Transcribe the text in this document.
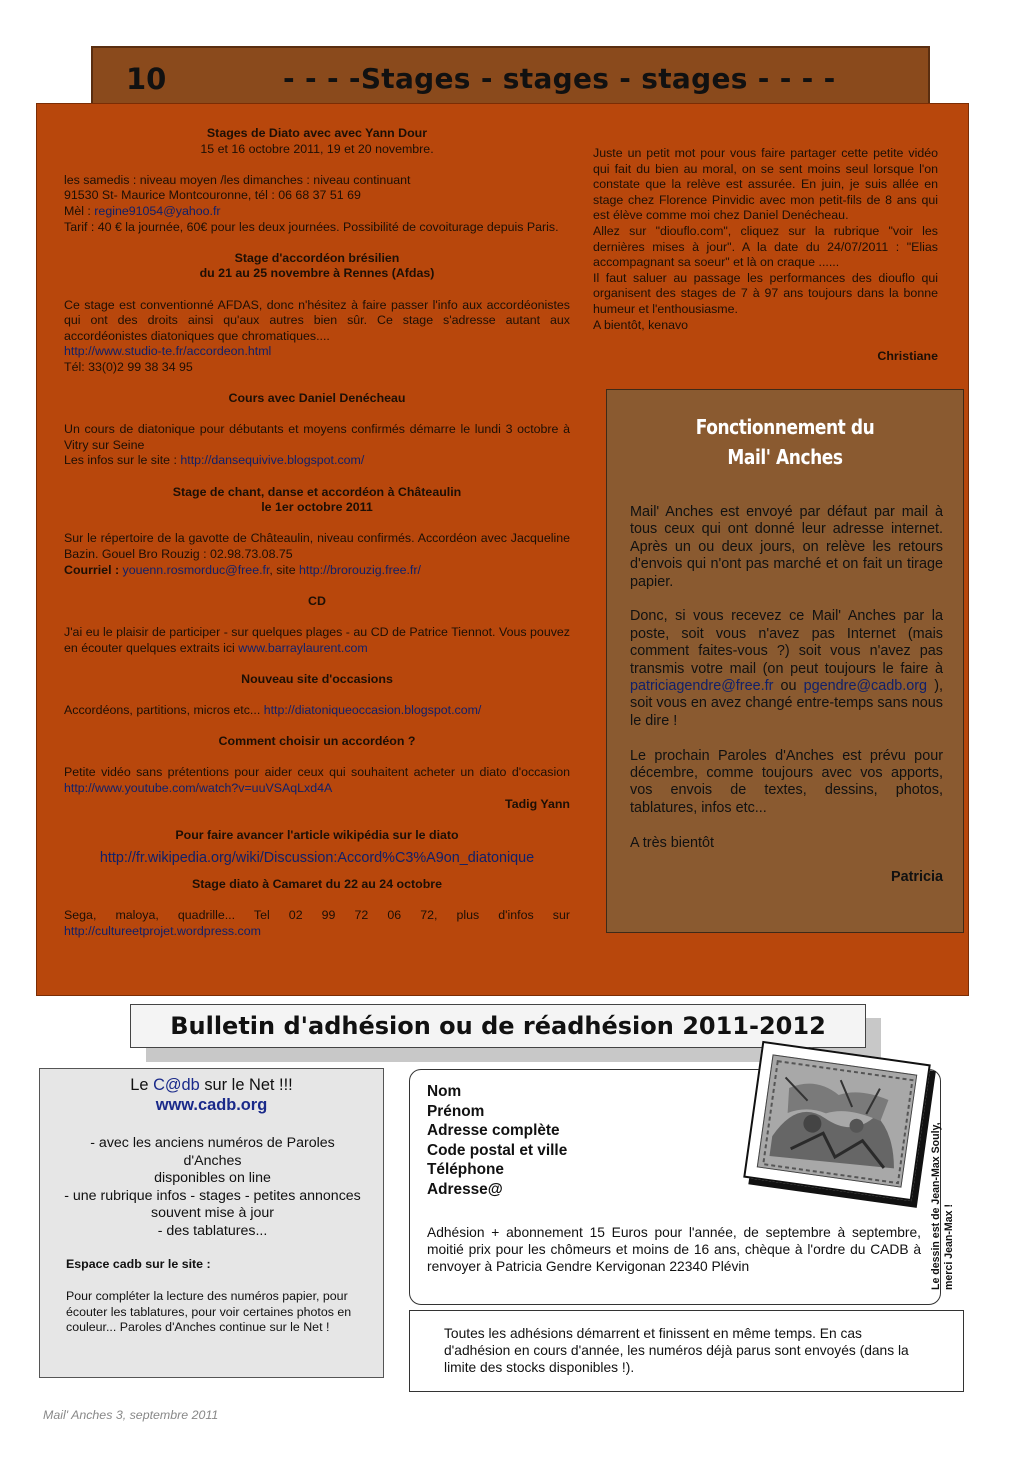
10	- - - -Stages - stages - stages - - - -
Stages de Diato avec avec Yann Dour
15 et 16 octobre 2011, 19 et 20 novembre.
les samedis : niveau moyen /les dimanches : niveau continuant
91530 St- Maurice Montcouronne, tél : 06 68 37 51 69
Mèl : regine91054@yahoo.fr
Tarif : 40 € la journée, 60€ pour les deux journées. Possibilité de covoiturage depuis Paris.
Stage d'accordéon brésilien
du 21 au 25 novembre à Rennes (Afdas)
Ce stage est conventionné AFDAS, donc n'hésitez à faire passer l'info aux accordéonistes qui ont des droits ainsi qu'aux autres bien sûr. Ce stage s'adresse autant aux accordéonistes diatoniques que chromatiques....
http://www.studio-te.fr/accordeon.html
Tél: 33(0)2 99 38 34 95
Cours avec Daniel Denécheau
Un cours de diatonique pour débutants et moyens confirmés démarre le lundi 3 octobre à Vitry sur Seine
Les infos sur le site : http://dansequivive.blogspot.com/
Stage de chant, danse et accordéon à Châteaulin
le 1er octobre 2011
Sur le répertoire de la gavotte de Châteaulin, niveau confirmés. Accordéon avec Jacqueline Bazin. Gouel Bro Rouzig : 02.98.73.08.75
Courriel : youenn.rosmorduc@free.fr, site http://brorouzig.free.fr/
CD
J'ai eu le plaisir de participer - sur quelques plages - au CD de Patrice Tiennot. Vous pouvez en écouter quelques extraits ici www.barraylaurent.com
Nouveau site d'occasions
Accordéons, partitions, micros etc... http://diatoniqueoccasion.blogspot.com/
Comment choisir un accordéon ?
Petite vidéo sans prétentions pour aider ceux qui souhaitent acheter un diato d'occasion http://www.youtube.com/watch?v=uuVSAqLxd4A
Tadig Yann
Pour faire avancer l'article wikipédia sur le diato
http://fr.wikipedia.org/wiki/Discussion:Accord%C3%A9on_diatonique
Stage diato à Camaret du 22 au 24 octobre
Sega, maloya, quadrille... Tel 02 99 72 06 72, plus d'infos sur
http://cultureetprojet.wordpress.com
Juste un petit mot pour vous faire partager cette petite vidéo qui fait du bien au moral, on se sent moins seul lorsque l'on constate que la relève est assurée. En juin, je suis allée en stage chez Florence Pinvidic avec mon petit-fils de 8 ans qui est élève comme moi chez Daniel Denécheau.
Allez sur "diouflo.com", cliquez sur la rubrique "voir les dernières mises à jour". A la date du 24/07/2011 : "Elias accompagnant sa soeur" et là on craque ......
Il faut saluer au passage les performances des diouflo qui organisent des stages de 7 à 97 ans toujours dans la bonne humeur et l'enthousiasme.
A bientôt, kenavo
Christiane
Fonctionnement du
Mail' Anches
Mail' Anches est envoyé par défaut par mail à tous ceux qui ont donné leur adresse internet. Après un ou deux jours, on relève les retours d'envois qui n'ont pas marché et on fait un tirage papier.
Donc, si vous recevez ce Mail' Anches par la poste, soit vous n'avez pas Internet (mais comment faites-vous ?) soit vous n'avez pas transmis votre mail (on peut toujours le faire à patriciagendre@free.fr ou pgendre@cadb.org ), soit vous en avez changé entre-temps sans nous le dire !
Le prochain Paroles d'Anches est prévu pour décembre, comme toujours avec vos apports, vos envois de textes, dessins, photos, tablatures, infos etc...
A très bientôt
Patricia
Bulletin d'adhésion ou de réadhésion 2011-2012
Le C@db sur le Net !!!
www.cadb.org
- avec les anciens numéros de Paroles d'Anches
disponibles on line
- une rubrique infos - stages - petites annonces souvent mise à jour
- des tablatures...
Espace cadb sur le site :
Pour compléter la lecture des numéros papier, pour écouter les tablatures, pour voir certaines photos en couleur... Paroles d'Anches continue sur le Net !
Nom
Prénom
Adresse complète
Code postal et ville
Téléphone
Adresse@
Adhésion + abonnement 15 Euros pour l'année, de septembre à septembre, moitié prix pour les chômeurs et moins de 16 ans, chèque à l'ordre du CADB à renvoyer à Patricia Gendre Kervigonan 22340 Plévin	Le dessin est de Jean-Max Souly, merci Jean-Max !
Toutes les adhésions démarrent et finissent en même temps. En cas d'adhésion en cours d'année, les numéros déjà parus sont envoyés (dans la limite des stocks disponibles !).
Mail' Anches 3, septembre 2011
